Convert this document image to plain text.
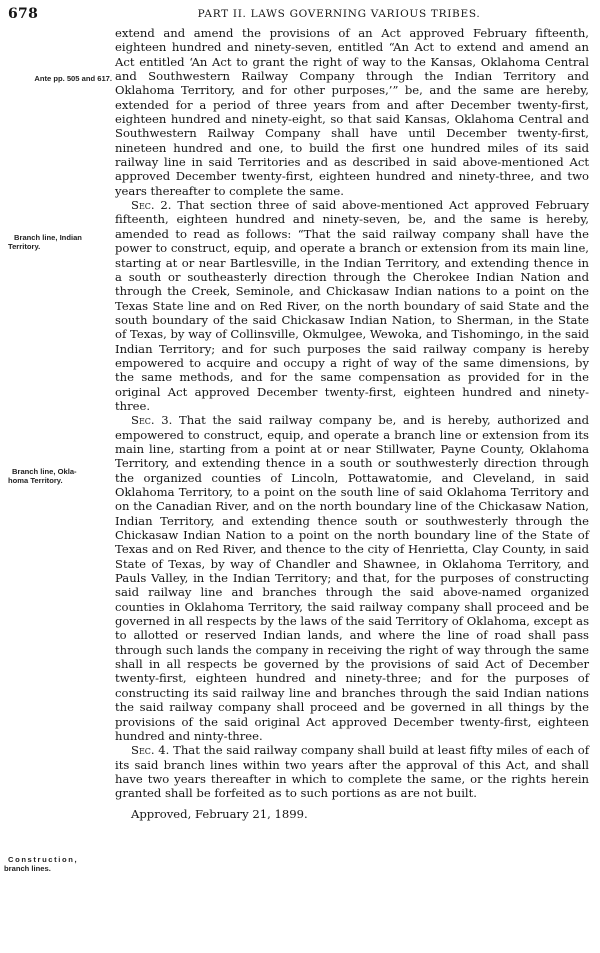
678	PART II. LAWS GOVERNING VARIOUS TRIBES.
Ante pp. 505 and 617.
Branch line, Indian
Territory.
Branch line, Okla-
homa Territory.
Construction,
branch lines.

extend and amend the provisions of an Act approved February fifteenth, eighteen hundred and ninety-seven, entitled “An Act to extend and amend an Act entitled ‘An Act to grant the right of way to the Kansas, Oklahoma Central and Southwestern Railway Company through the Indian Territory and Oklahoma Territory, and for other purposes,’” be, and the same are hereby, extended for a period of three years from and after December twenty-first, eighteen hundred and ninety-eight, so that said Kansas, Oklahoma Central and Southwestern Railway Company shall have until December twenty-first, nineteen hundred and one, to build the first one hundred miles of its said railway line in said Territories and as described in said above-mentioned Act approved December twenty-first, eighteen hundred and ninety-three, and two years thereafter to complete the same.

Sec. 2. That section three of said above-mentioned Act approved February fifteenth, eighteen hundred and ninety-seven, be, and the same is hereby, amended to read as follows: “That the said railway company shall have the power to construct, equip, and operate a branch or extension from its main line, starting at or near Bartlesville, in the Indian Territory, and extending thence in a south or southeasterly direction through the Cherokee Indian Nation and through the Creek, Seminole, and Chickasaw Indian nations to a point on the Texas State line and on Red River, on the north boundary of said State and the south boundary of the said Chickasaw Indian Nation, to Sherman, in the State of Texas, by way of Collinsville, Okmulgee, Wewoka, and Tishomingo, in the said Indian Territory; and for such purposes the said railway company is hereby empowered to acquire and occupy a right of way of the same dimensions, by the same methods, and for the same compensation as provided for in the original Act approved December twenty-first, eighteen hundred and ninety-three.

Sec. 3. That the said railway company be, and is hereby, authorized and empowered to construct, equip, and operate a branch line or extension from its main line, starting from a point at or near Stillwater, Payne County, Oklahoma Territory, and extending thence in a south or southwesterly direction through the organized counties of Lincoln, Pottawatomie, and Cleveland, in said Oklahoma Territory, to a point on the south line of said Oklahoma Territory and on the Canadian River, and on the north boundary line of the Chickasaw Nation, Indian Territory, and extending thence south or southwesterly through the Chickasaw Indian Nation to a point on the north boundary line of the State of Texas and on Red River, and thence to the city of Henrietta, Clay County, in said State of Texas, by way of Chandler and Shawnee, in Oklahoma Territory, and Pauls Valley, in the Indian Territory; and that, for the purposes of constructing said railway line and branches through the said above-named organized counties in Oklahoma Territory, the said railway company shall proceed and be governed in all respects by the laws of the said Territory of Oklahoma, except as to allotted or reserved Indian lands, and where the line of road shall pass through such lands the company in receiving the right of way through the same shall in all respects be governed by the provisions of said Act of December twenty-first, eighteen hundred and ninety-three; and for the purposes of constructing its said railway line and branches through the said Indian nations the said railway company shall proceed and be governed in all things by the provisions of the said original Act approved December twenty-first, eighteen hundred and ninty-three.

Sec. 4. That the said railway company shall build at least fifty miles of each of its said branch lines within two years after the approval of this Act, and shall have two years thereafter in which to complete the same, or the rights herein granted shall be forfeited as to such portions as are not built.

Approved, February 21, 1899.
